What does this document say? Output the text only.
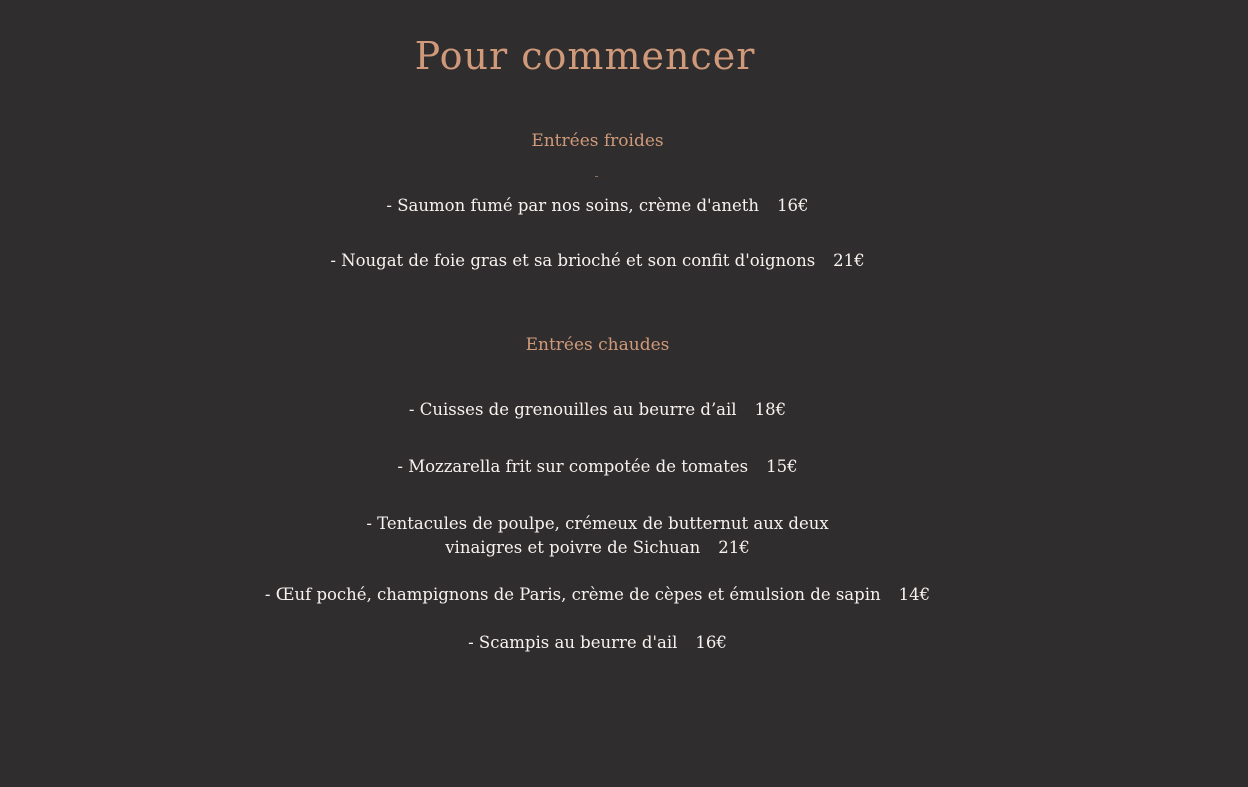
Pour commencer
Entrées froides

- Saumon fumé par nos soins, crème d'aneth 16€

- Nougat de foie gras et sa brioché et son confit d'oignons 21€

Entrées chaudes

- Cuisses de grenouilles au beurre d’ail 18€

- Mozzarella frit sur compotée de tomates 15€

- Tentacules de poulpe, crémeux de butternut aux deux
vinaigres et poivre de Sichuan 21€

- Œuf poché, champignons de Paris, crème de cèpes et émulsion de sapin 14€

- Scampis au beurre d'ail 16€
